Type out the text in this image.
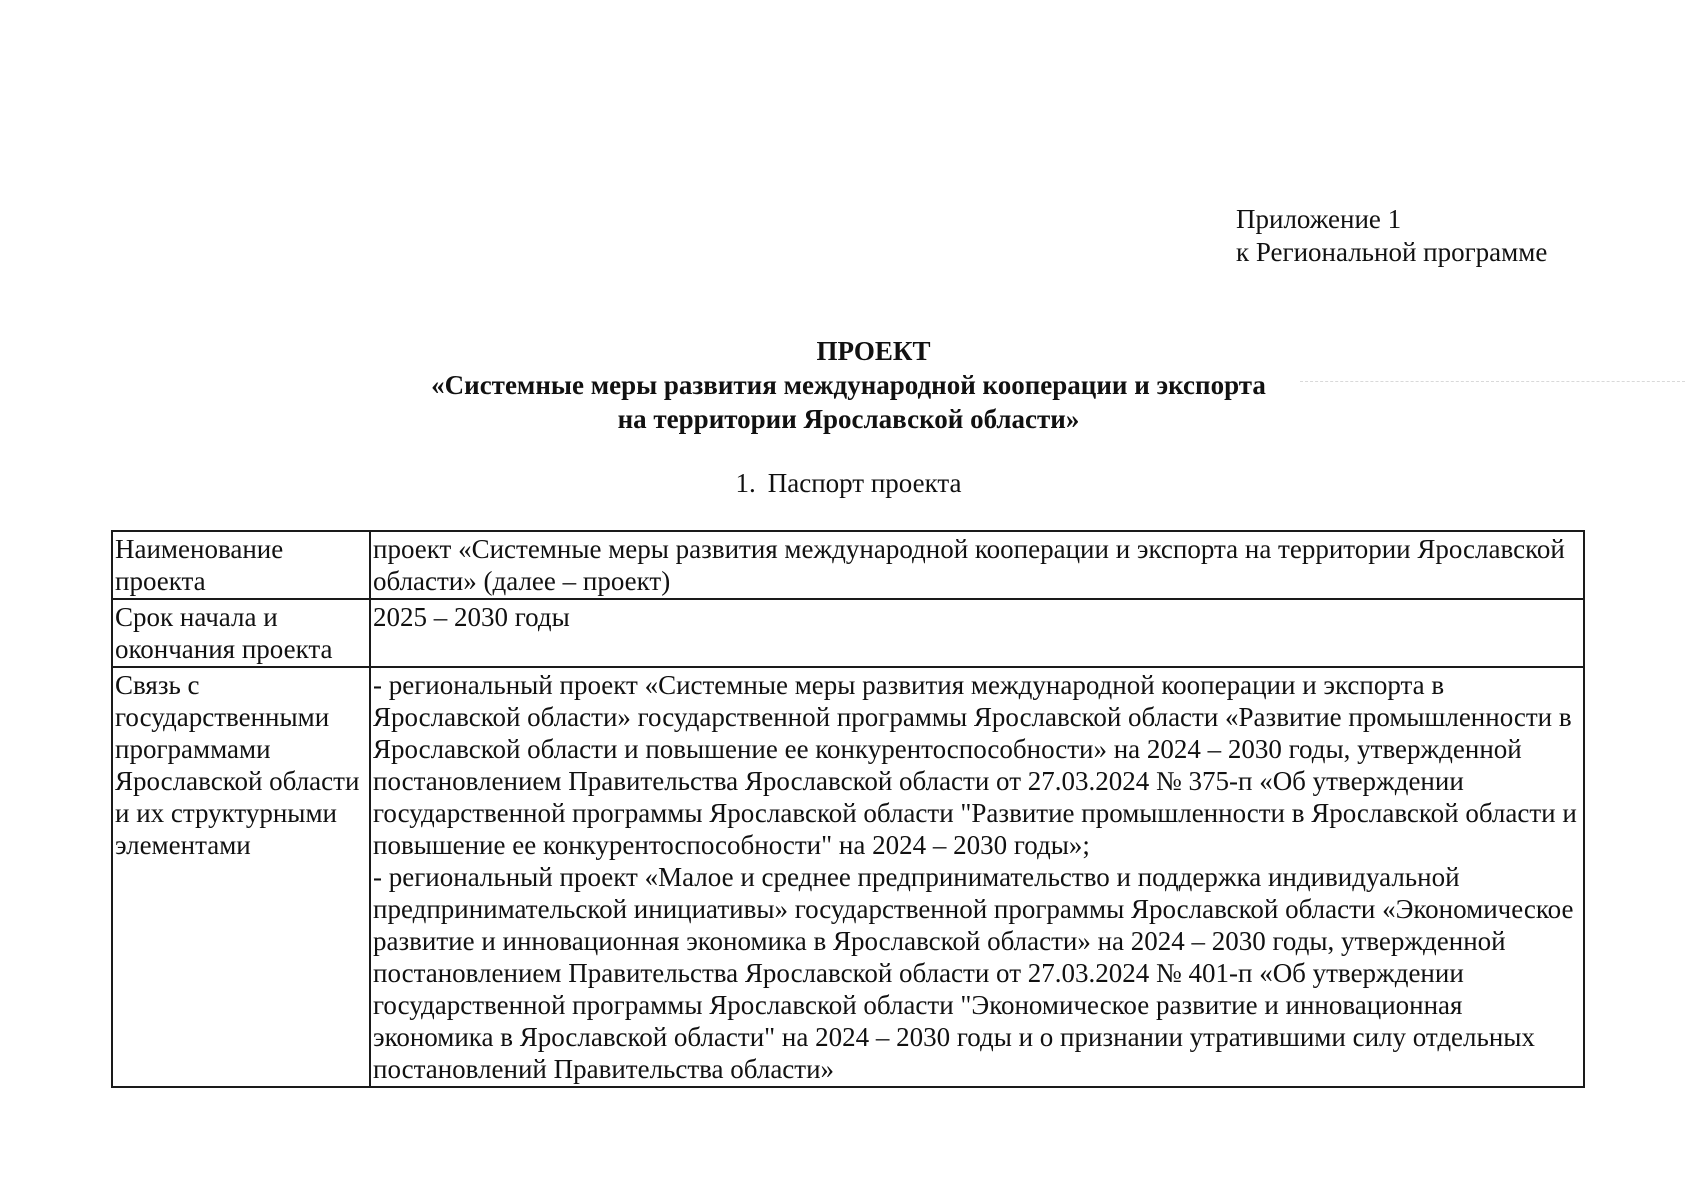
Приложение 1
к Региональной программе
ПРОЕКТ
«Системные меры развития международной кооперации и экспорта
на территории Ярославской области»
1. Паспорт проекта
Наименование проекта	проект «Системные меры развития международной кооперации и экспорта на территории Ярославской области» (далее – проект)

Срок начала и окончания проекта	2025 – 2030 годы

Связь с государственными программами Ярославской области и их структурными элементами	- региональный проект «Системные меры развития международной кооперации и экспорта в Ярославской области» государственной программы Ярославской области «Развитие промышленности в Ярославской области и повышение ее конкурентоспособности» на 2024 – 2030 годы, утвержденной постановлением Правительства Ярославской области от 27.03.2024 № 375-п «Об утверждении государственной программы Ярославской области "Развитие промышленности в Ярославской области и повышение ее конкурентоспособности" на 2024 – 2030 годы»;

- региональный проект «Малое и среднее предпринимательство и поддержка индивидуальной предпринимательской инициативы» государственной программы Ярославской области «Экономическое развитие и инновационная экономика в Ярославской области» на 2024 – 2030 годы, утвержденной постановлением Правительства Ярославской области от 27.03.2024 № 401-п «Об утверждении государственной программы Ярославской области "Экономическое развитие и инновационная экономика в Ярославской области" на 2024 – 2030 годы и о признании утратившими силу отдельных постановлений Правительства области»
